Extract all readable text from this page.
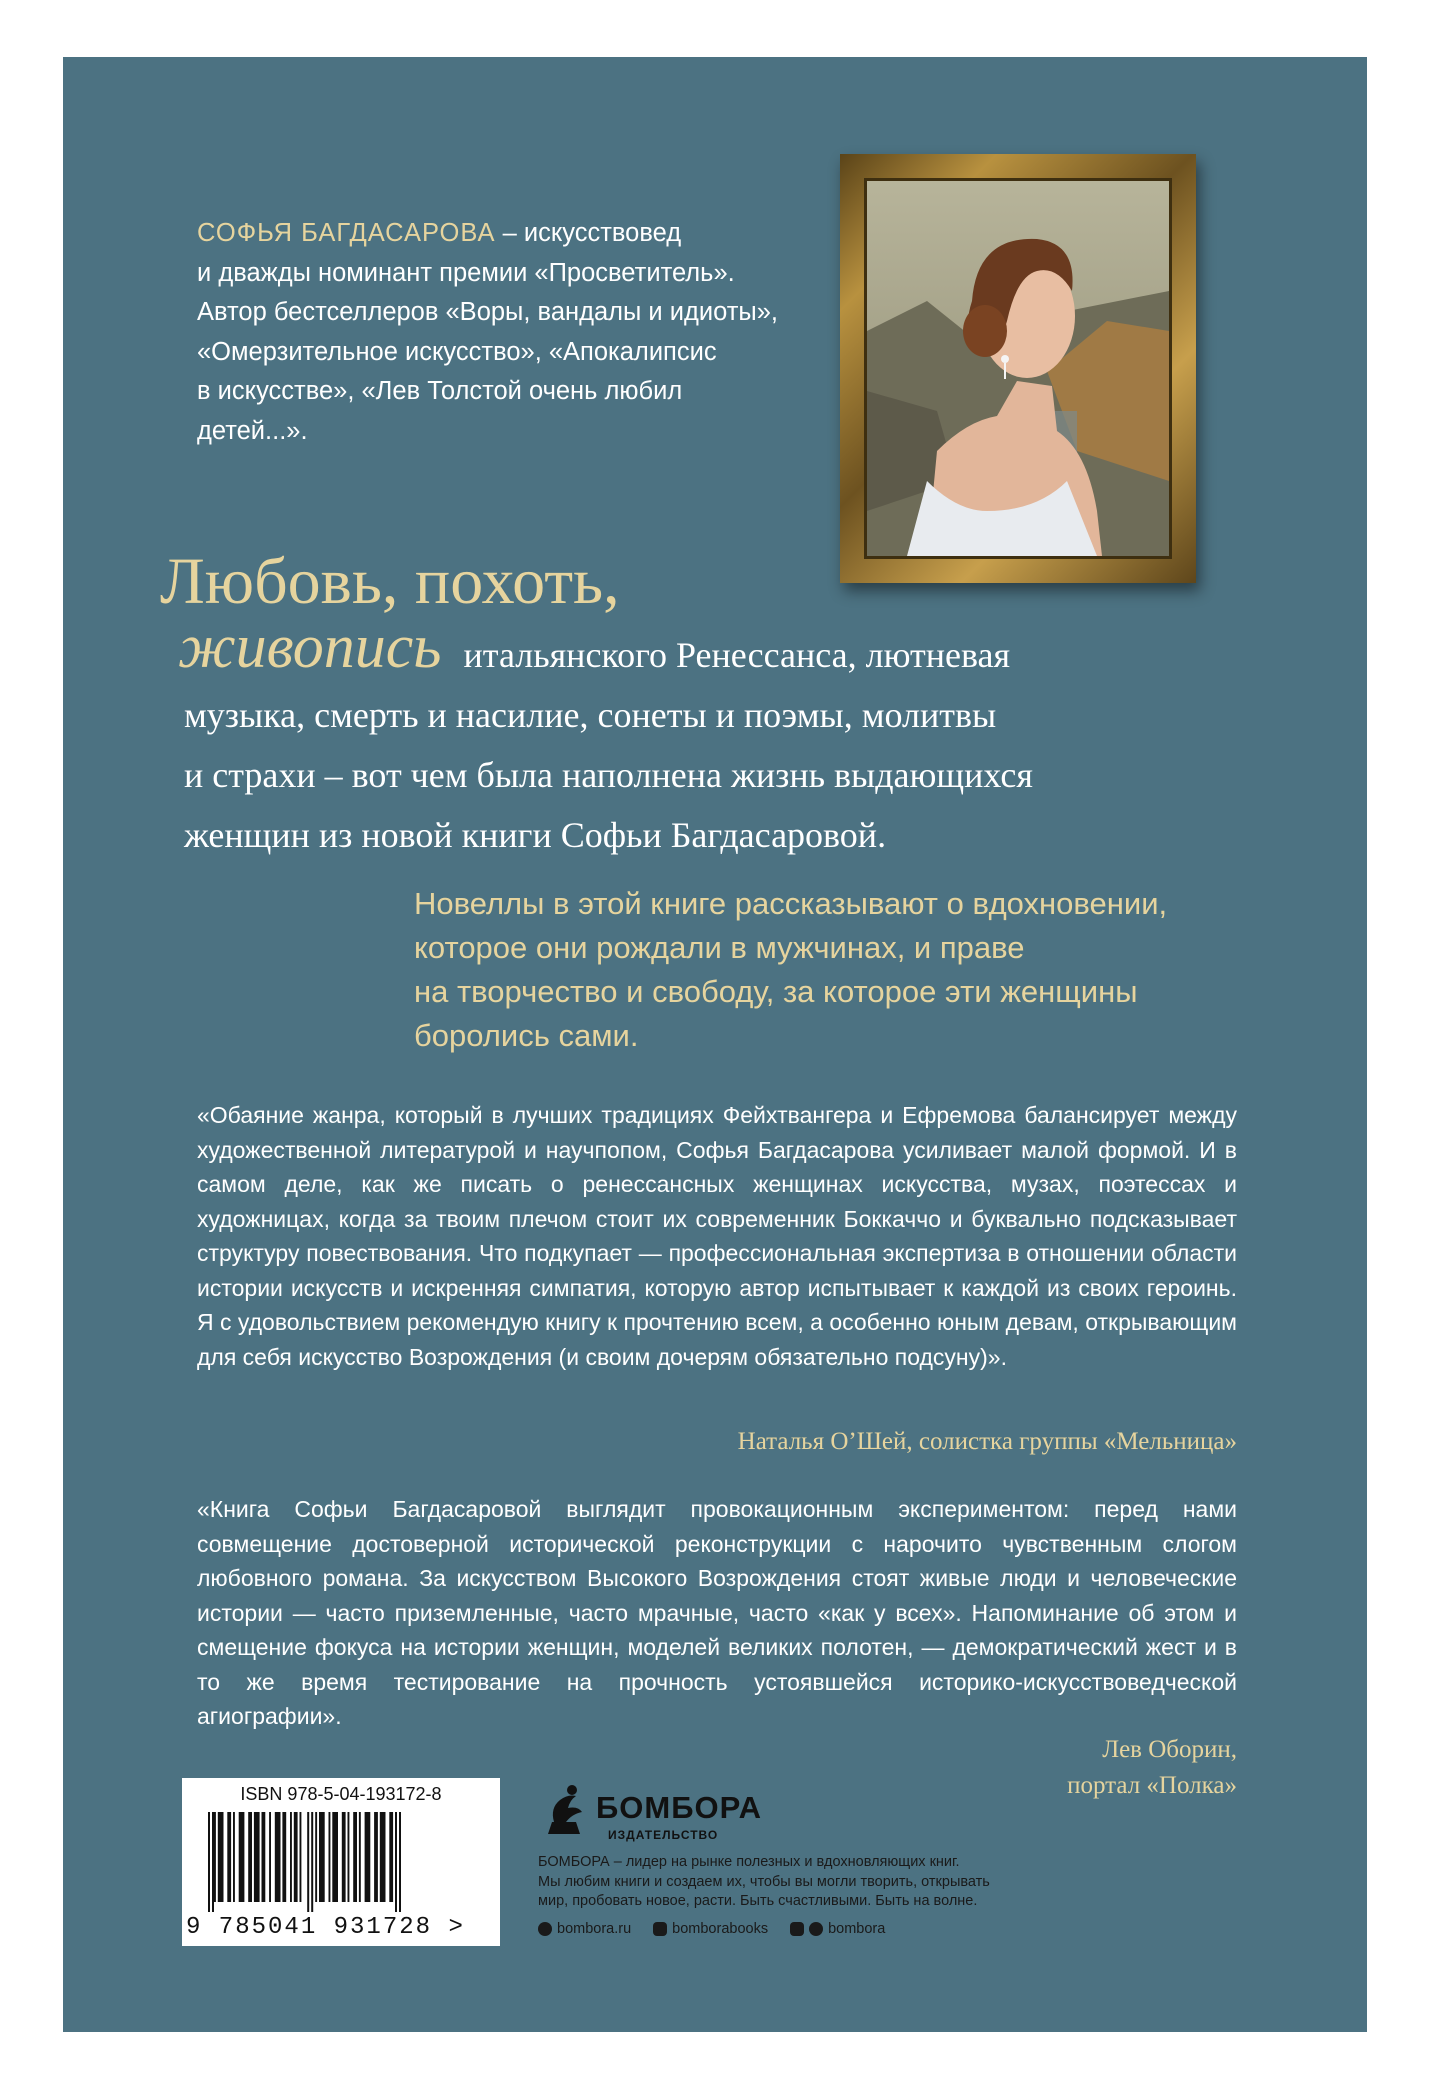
СОФЬЯ БАГДАСАРОВА – искусствовед
и дважды номинант премии «Просветитель».
Автор бестселлеров «Воры, вандалы и идиоты»,
«Омерзительное искусство», «Апокалипсис
в искусстве», «Лев Толстой очень любил детей...».
Любовь, похоть,
живопись итальянского Ренессанса, лютневая
музыка, смерть и насилие, сонеты и поэмы, молитвы
и страхи – вот чем была наполнена жизнь выдающихся
женщин из новой книги Софьи Багдасаровой.
Новеллы в этой книге рассказывают о вдохновении,
которое они рождали в мужчинах, и праве
на творчество и свободу, за которое эти женщины
боролись сами.
«Обаяние жанра, который в лучших традициях Фейхтвангера и Ефремова балансирует между художественной литературой и научпопом, Софья Багдасарова усиливает малой формой. И в самом деле, как же писать о ренессансных женщинах искусства, музах, поэтессах и художницах, когда за твоим плечом стоит их современник Боккаччо и буквально подсказывает структуру повествования. Что подкупает — профессиональная экспертиза в отношении области истории искусств и искренняя симпатия, которую автор испытывает к каждой из своих героинь. Я с удовольствием рекомендую книгу к прочтению всем, а особенно юным девам, открывающим для себя искусство Возрождения (и своим дочерям обязательно подсуну)».
Наталья О’Шей, солистка группы «Мельница»
«Книга Софьи Багдасаровой выглядит провокационным экспериментом: перед нами совмещение достоверной исторической реконструкции с нарочито чувственным слогом любовного романа. За искусством Высокого Возрождения стоят живые люди и человеческие истории — часто приземленные, часто мрачные, часто «как у всех». Напоминание об этом и смещение фокуса на истории женщин, моделей великих полотен, — демократический жест и в то же время тестирование на прочность устоявшейся историко-искусствоведческой агиографии».
Лев Оборин,
портал «Полка»
ISBN 978-5-04-193172-8
9 785041 931728 >
БОМБОРА
ИЗДАТЕЛЬСТВО
БОМБОРА – лидер на рынке полезных и вдохновляющих книг.
Мы любим книги и создаем их, чтобы вы могли творить, открывать
мир, пробовать новое, расти. Быть счастливыми. Быть на волне.
bombora.ru	bomborabooks	bombora
